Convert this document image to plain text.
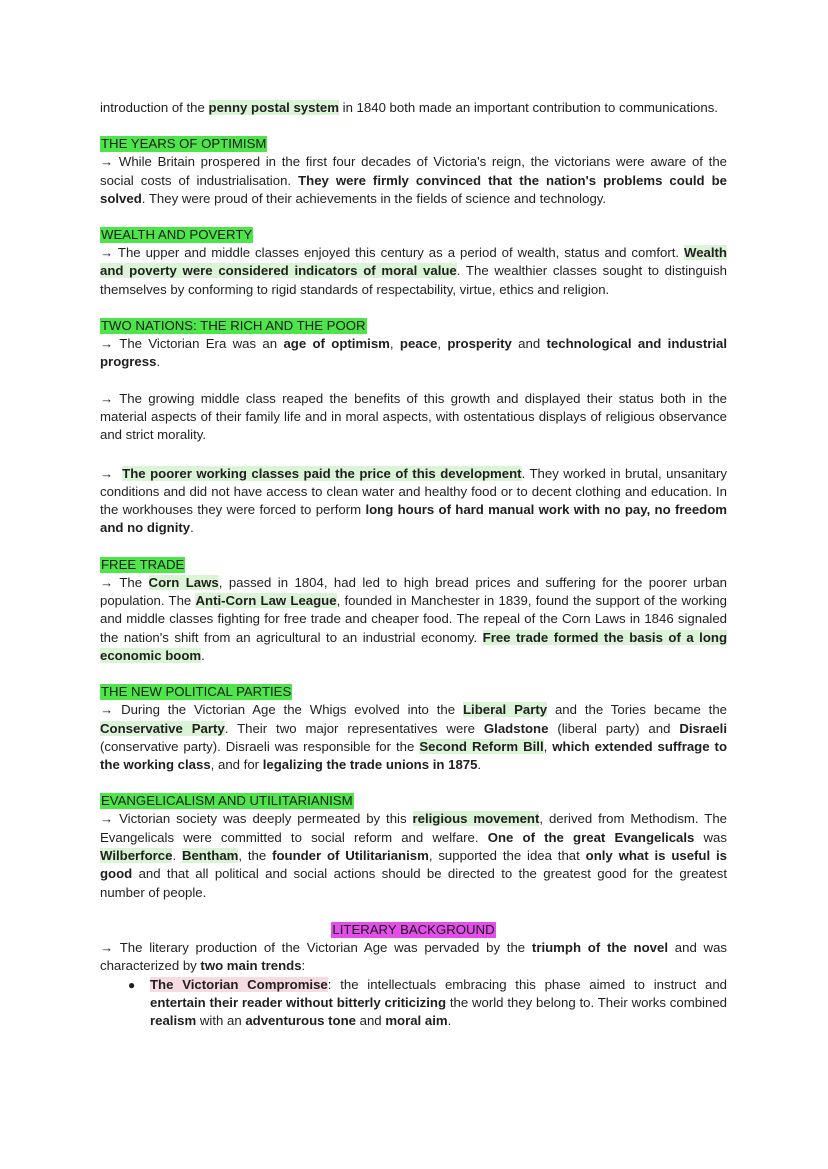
introduction of the penny postal system in 1840 both made an important contribution to communications.

THE YEARS OF OPTIMISM

→ While Britain prospered in the first four decades of Victoria's reign, the victorians were aware of the social costs of industrialisation. They were firmly convinced that the nation's problems could be solved. They were proud of their achievements in the fields of science and technology.

WEALTH AND POVERTY

→ The upper and middle classes enjoyed this century as a period of wealth, status and comfort. Wealth and poverty were considered indicators of moral value. The wealthier classes sought to distinguish themselves by conforming to rigid standards of respectability, virtue, ethics and religion.

TWO NATIONS: THE RICH AND THE POOR

→ The Victorian Era was an age of optimism, peace, prosperity and technological and industrial progress.

→ The growing middle class reaped the benefits of this growth and displayed their status both in the material aspects of their family life and in moral aspects, with ostentatious displays of religious observance and strict morality.

→ The poorer working classes paid the price of this development. They worked in brutal, unsanitary conditions and did not have access to clean water and healthy food or to decent clothing and education. In the workhouses they were forced to perform long hours of hard manual work with no pay, no freedom and no dignity.

FREE TRADE

→ The Corn Laws, passed in 1804, had led to high bread prices and suffering for the poorer urban population. The Anti-Corn Law League, founded in Manchester in 1839, found the support of the working and middle classes fighting for free trade and cheaper food. The repeal of the Corn Laws in 1846 signaled the nation's shift from an agricultural to an industrial economy. Free trade formed the basis of a long economic boom.

THE NEW POLITICAL PARTIES

→ During the Victorian Age the Whigs evolved into the Liberal Party and the Tories became the Conservative Party. Their two major representatives were Gladstone (liberal party) and Disraeli (conservative party). Disraeli was responsible for the Second Reform Bill, which extended suffrage to the working class, and for legalizing the trade unions in 1875.

EVANGELICALISM AND UTILITARIANISM

→ Victorian society was deeply permeated by this religious movement, derived from Methodism. The Evangelicals were committed to social reform and welfare. One of the great Evangelicals was Wilberforce. Bentham, the founder of Utilitarianism, supported the idea that only what is useful is good and that all political and social actions should be directed to the greatest good for the greatest number of people.

LITERARY BACKGROUND

→ The literary production of the Victorian Age was pervaded by the triumph of the novel and was characterized by two main trends:

● The Victorian Compromise: the intellectuals embracing this phase aimed to instruct and entertain their reader without bitterly criticizing the world they belong to. Their works combined realism with an adventurous tone and moral aim.
